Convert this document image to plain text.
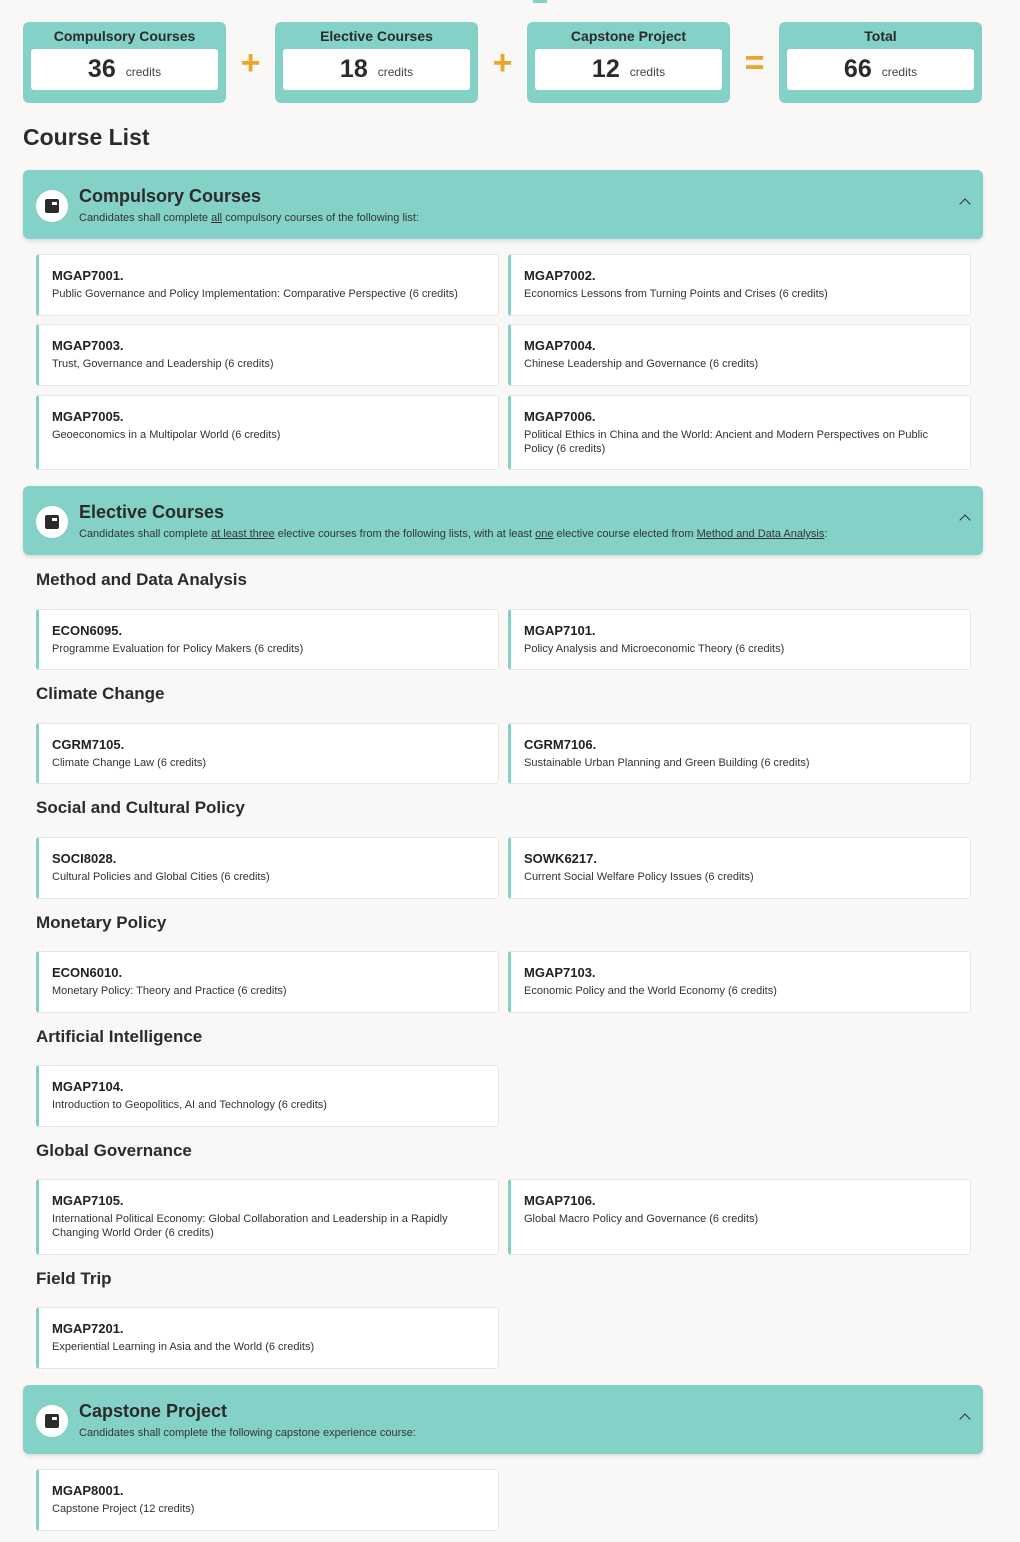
Compulsory Courses
36 credits	+
Elective Courses
18 credits	+
Capstone Project
12 credits	=
Total
66 credits
Course List
Compulsory Courses
Candidates shall complete all compulsory courses of the following list:
MGAP7001.
Public Governance and Policy Implementation: Comparative Perspective (6 credits)
MGAP7002.
Economics Lessons from Turning Points and Crises (6 credits)
MGAP7003.
Trust, Governance and Leadership (6 credits)
MGAP7004.
Chinese Leadership and Governance (6 credits)
MGAP7005.
Geoeconomics in a Multipolar World (6 credits)
MGAP7006.
Political Ethics in China and the World: Ancient and Modern Perspectives on Public Policy (6 credits)
Elective Courses
Candidates shall complete at least three elective courses from the following lists, with at least one elective course elected from Method and Data Analysis:
Method and Data Analysis
ECON6095.
Programme Evaluation for Policy Makers (6 credits)
MGAP7101.
Policy Analysis and Microeconomic Theory (6 credits)
Climate Change
CGRM7105.
Climate Change Law (6 credits)
CGRM7106.
Sustainable Urban Planning and Green Building (6 credits)
Social and Cultural Policy
SOCI8028.
Cultural Policies and Global Cities (6 credits)
SOWK6217.
Current Social Welfare Policy Issues (6 credits)
Monetary Policy
ECON6010.
Monetary Policy: Theory and Practice (6 credits)
MGAP7103.
Economic Policy and the World Economy (6 credits)
Artificial Intelligence
MGAP7104.
Introduction to Geopolitics, AI and Technology (6 credits)
Global Governance
MGAP7105.
International Political Economy: Global Collaboration and Leadership in a Rapidly Changing World Order (6 credits)
MGAP7106.
Global Macro Policy and Governance (6 credits)
Field Trip
MGAP7201.
Experiential Learning in Asia and the World (6 credits)
Capstone Project
Candidates shall complete the following capstone experience course:
MGAP8001.
Capstone Project (12 credits)
